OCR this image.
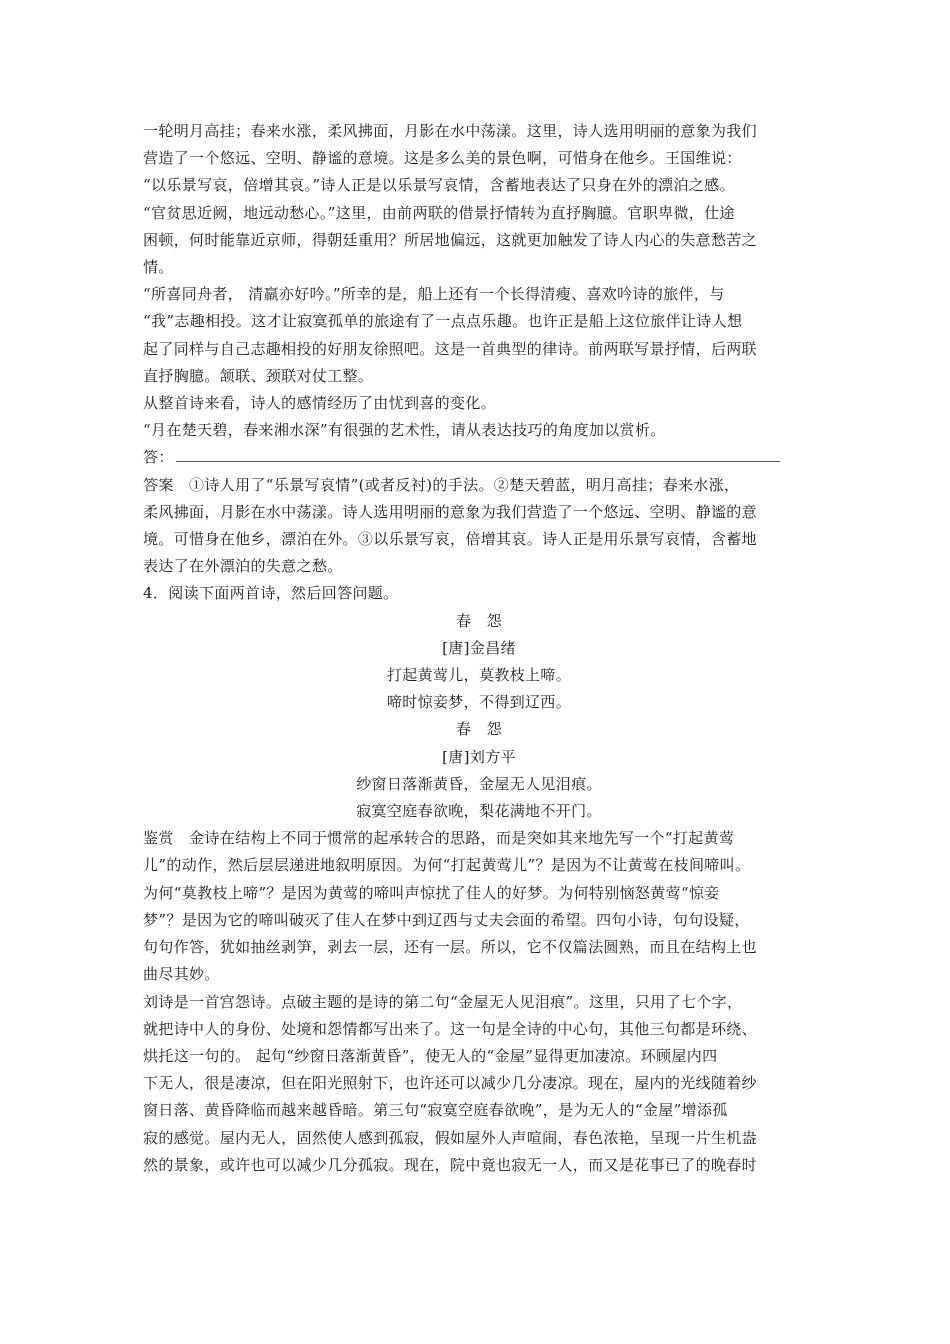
一轮明月高挂；春来水涨，柔风拂面，月影在水中荡漾。这里，诗人选用明丽的意象为我们
营造了一个悠远、空明、静谧的意境。这是多么美的景色啊，可惜身在他乡。王国维说：
“以乐景写哀，倍增其哀。”诗人正是以乐景写哀情，含蓄地表达了只身在外的漂泊之感。
“官贫思近阙，地远动愁心。”这里，由前两联的借景抒情转为直抒胸臆。官职卑微，仕途
困顿，何时能靠近京师，得朝廷重用？所居地偏远，这就更加触发了诗人内心的失意愁苦之
情。
“所喜同舟者， 清羸亦好吟。”所幸的是，船上还有一个长得清瘦、喜欢吟诗的旅伴，与
“我”志趣相投。这才让寂寞孤单的旅途有了一点点乐趣。也许正是船上这位旅伴让诗人想
起了同样与自己志趣相投的好朋友徐照吧。这是一首典型的律诗。前两联写景抒情，后两联
直抒胸臆。颔联、颈联对仗工整。
从整首诗来看，诗人的感情经历了由忧到喜的变化。
“月在楚天碧，春来湘水深”有很强的艺术性，请从表达技巧的角度加以赏析。
答：
答案　①诗人用了“乐景写哀情”(或者反衬)的手法。②楚天碧蓝，明月高挂；春来水涨，
柔风拂面，月影在水中荡漾。诗人选用明丽的意象为我们营造了一个悠远、空明、静谧的意
境。可惜身在他乡，漂泊在外。③以乐景写哀，倍增其哀。诗人正是用乐景写哀情，含蓄地
表达了在外漂泊的失意之愁。
4．阅读下面两首诗，然后回答问题。
春　怨
[唐]金昌绪
打起黄莺儿，莫教枝上啼。
啼时惊妾梦，不得到辽西。
春　怨
[唐]刘方平
纱窗日落渐黄昏，金屋无人见泪痕。
寂寞空庭春欲晚，梨花满地不开门。
鉴赏　金诗在结构上不同于惯常的起承转合的思路，而是突如其来地先写一个“打起黄莺
儿”的动作，然后层层递进地叙明原因。为何“打起黄莺儿”？是因为不让黄莺在枝间啼叫。
为何“莫教枝上啼”？是因为黄莺的啼叫声惊扰了佳人的好梦。为何特别恼怒黄莺“惊妾
梦”？是因为它的啼叫破灭了佳人在梦中到辽西与丈夫会面的希望。四句小诗，句句设疑，
句句作答，犹如抽丝剥笋，剥去一层，还有一层。所以，它不仅篇法圆熟，而且在结构上也
曲尽其妙。
刘诗是一首宫怨诗。点破主题的是诗的第二句“金屋无人见泪痕”。这里，只用了七个字，
就把诗中人的身份、处境和怨情都写出来了。这一句是全诗的中心句，其他三句都是环绕、
烘托这一句的。 起句“纱窗日落渐黄昏”，使无人的“金屋”显得更加凄凉。环顾屋内四
下无人，很是凄凉，但在阳光照射下，也许还可以减少几分凄凉。现在，屋内的光线随着纱
窗日落、黄昏降临而越来越昏暗。第三句“寂寞空庭春欲晚”，是为无人的“金屋”增添孤
寂的感觉。屋内无人，固然使人感到孤寂，假如屋外人声喧闹，春色浓艳，呈现一片生机盎
然的景象，或许也可以减少几分孤寂。现在，院中竟也寂无一人，而又是花事已了的晚春时
